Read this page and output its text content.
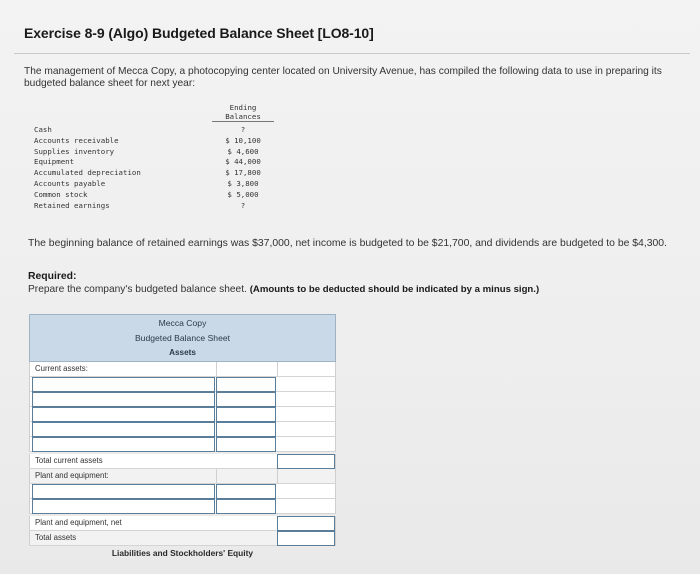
Exercise 8-9 (Algo) Budgeted Balance Sheet [LO8-10]
The management of Mecca Copy, a photocopying center located on University Avenue, has compiled the following data to use in preparing its budgeted balance sheet for next year:
Ending
Balances
Cash	?
Accounts receivable	$ 10,100
Supplies inventory	$ 4,600
Equipment	$ 44,000
Accumulated depreciation	$ 17,800
Accounts payable	$ 3,800
Common stock	$ 5,000
Retained earnings	?
The beginning balance of retained earnings was $37,000, net income is budgeted to be $21,700, and dividends are budgeted to be $4,300.
Required:
Prepare the company's budgeted balance sheet. (Amounts to be deducted should be indicated by a minus sign.)
Mecca Copy
Budgeted Balance Sheet
Assets
Current assets:
Total current assets
Plant and equipment:
Plant and equipment, net
Total assets
Liabilities and Stockholders' Equity
